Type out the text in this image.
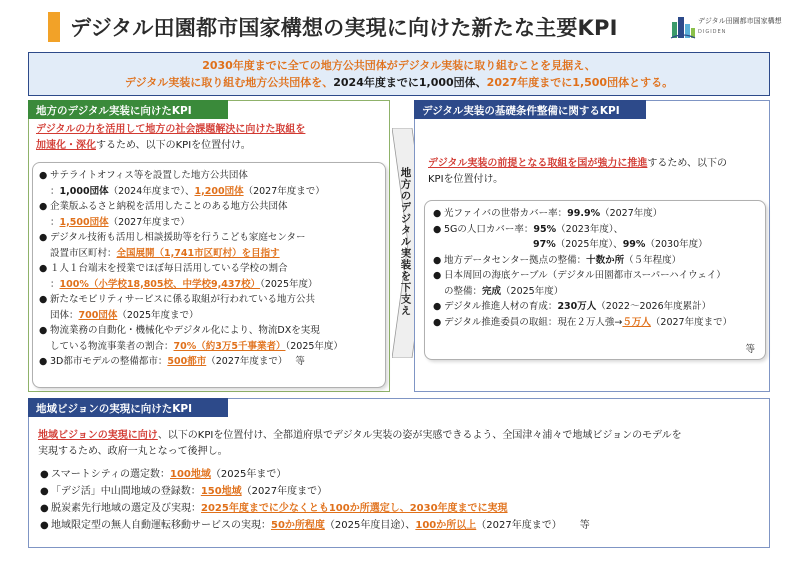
デジタル田園都市国家構想の実現に向けた新たな主要KPI	デジタル田園都市国家構想
DIGIDEN
2030年度までに全ての地方公共団体がデジタル実装に取り組むことを見据え、
デジタル実装に取り組む地方公共団体を、2024年度までに1,000団体、2027年度までに1,500団体とする。
地方のデジタル実装に向けたKPI
デジタルの力を活用して地方の社会課題解決に向けた取組を
加速化・深化するため、以下のKPIを位置付け。
● サテライトオフィス等を設置した地方公共団体
：1,000団体（2024年度まで）、1,200団体（2027年度まで）
● 企業版ふるさと納税を活用したことのある地方公共団体
：1,500団体（2027年度まで）
● デジタル技術も活用し相談援助等を行うこども家庭センター
設置市区町村：全国展開（1,741市区町村）を目指す
● １人１台端末を授業でほぼ毎日活用している学校の割合
：100%（小学校18,805校、中学校9,437校）（2025年度）
● 新たなモビリティサービスに係る取組が行われている地方公共
団体：700団体（2025年度まで）
● 物流業務の自動化・機械化やデジタル化により、物流DXを実現
している物流事業者の割合：70%（約3万5千事業者）（2025年度）
● 3D都市モデルの整備都市：500都市（2027年度まで） 等
地方のデジタル実装を下支え
デジタル実装の基礎条件整備に関するKPI
デジタル実装の前提となる取組を国が強力に推進するため、以下の
KPIを位置付け。
● 光ファイバの世帯カバー率：99.9%（2027年度）
● 5Gの人口カバー率：95%（2023年度）、
97%（2025年度）、99%（2030年度）
● 地方データセンター拠点の整備：十数か所（５年程度）
● 日本周回の海底ケーブル（デジタル田園都市スーパーハイウェイ）
の整備：完成（2025年度）
● デジタル推進人材の育成：230万人（2022～2026年度累計）
● デジタル推進委員の取組：現在２万人強→５万人（2027年度まで）
等
地域ビジョンの実現に向けたKPI
地域ビジョンの実現に向け、以下のKPIを位置付け、全都道府県でデジタル実装の姿が実感できるよう、全国津々浦々で地域ビジョンのモデルを
実現するため、政府一丸となって後押し。
● スマートシティの選定数：100地域（2025年まで）
● 「デジ活」中山間地域の登録数：150地域（2027年度まで）
● 脱炭素先行地域の選定及び実現：2025年度までに少なくとも100か所選定し、2030年度までに実現
● 地域限定型の無人自動運転移動サービスの実現：50か所程度（2025年度目途）、100か所以上（2027年度まで） 等
